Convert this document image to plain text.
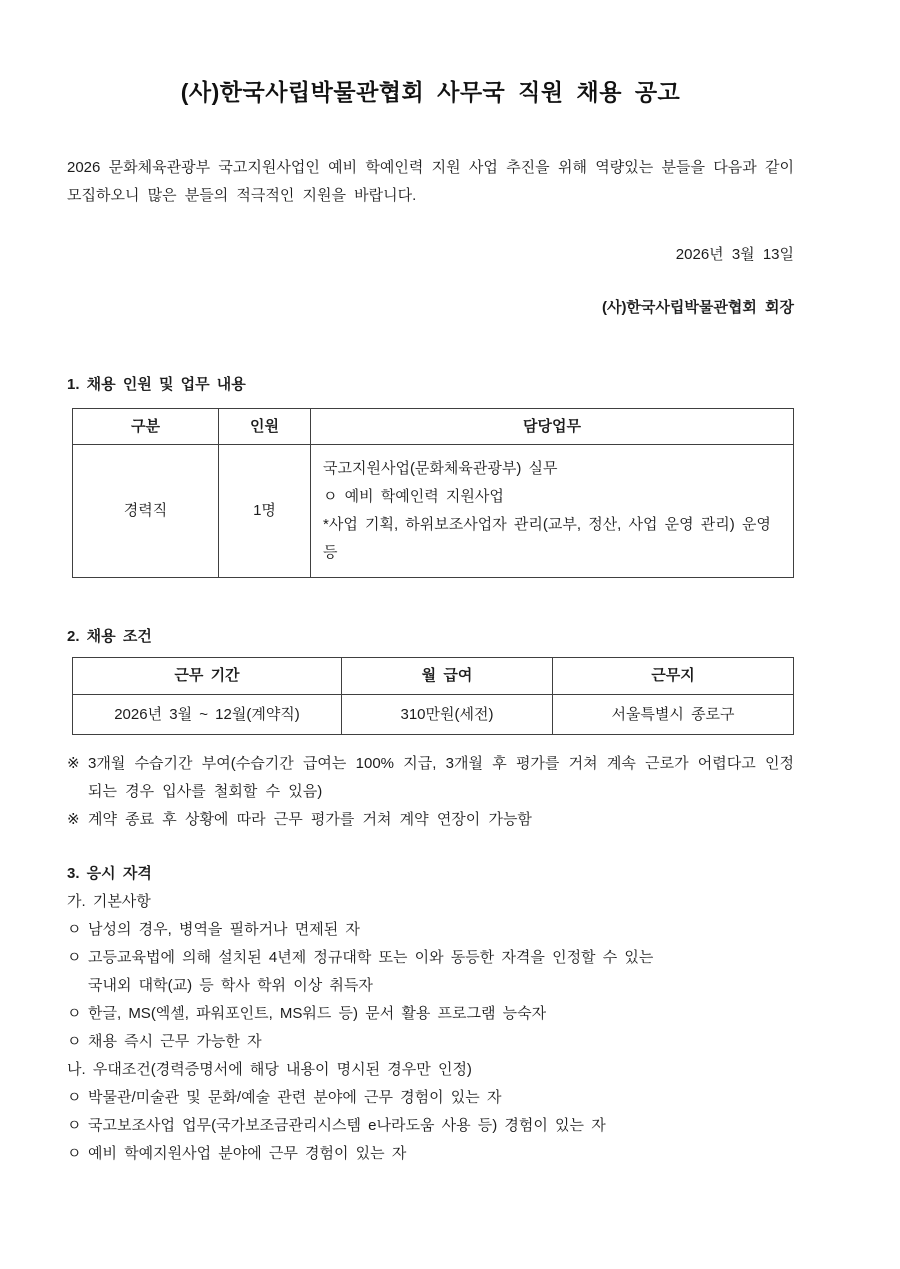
(사)한국사립박물관협회 사무국 직원 채용 공고

2026 문화체육관광부 국고지원사업인 예비 학예인력 지원 사업 추진을 위해 역량있는 분들을 다음과 같이 모집하오니 많은 분들의 적극적인 지원을 바랍니다.

2026년 3월 13일
(사)한국사립박물관협회 회장
1. 채용 인원 및 업무 내용
구분	인원	담당업무
경력직	1명	국고지원사업(문화체육관광부) 실무
ㅇ 예비 학예인력 지원사업
*사업 기획, 하위보조사업자 관리(교부, 정산, 사업 운영 관리) 운영 등
2. 채용 조건
근무 기간	월 급여	근무지
2026년 3월 ~ 12월(계약직)	310만원(세전)	서울특별시 종로구
※ 3개월 수습기간 부여(수습기간 급여는 100% 지급, 3개월 후 평가를 거쳐 계속 근로가 어렵다고 인정 되는 경우 입사를 철회할 수 있음)
※ 계약 종료 후 상황에 따라 근무 평가를 거쳐 계약 연장이 가능함
3. 응시 자격
가. 기본사항
ㅇ 남성의 경우, 병역을 필하거나 면제된 자
ㅇ 고등교육법에 의해 설치된 4년제 정규대학 또는 이와 동등한 자격을 인정할 수 있는
국내외 대학(교) 등 학사 학위 이상 취득자
ㅇ 한글, MS(엑셀, 파워포인트, MS워드 등) 문서 활용 프로그램 능숙자
ㅇ 채용 즉시 근무 가능한 자
나. 우대조건(경력증명서에 해당 내용이 명시된 경우만 인정)
ㅇ 박물관/미술관 및 문화/예술 관련 분야에 근무 경험이 있는 자
ㅇ 국고보조사업 업무(국가보조금관리시스템 e나라도움 사용 등) 경험이 있는 자
ㅇ 예비 학예지원사업 분야에 근무 경험이 있는 자
